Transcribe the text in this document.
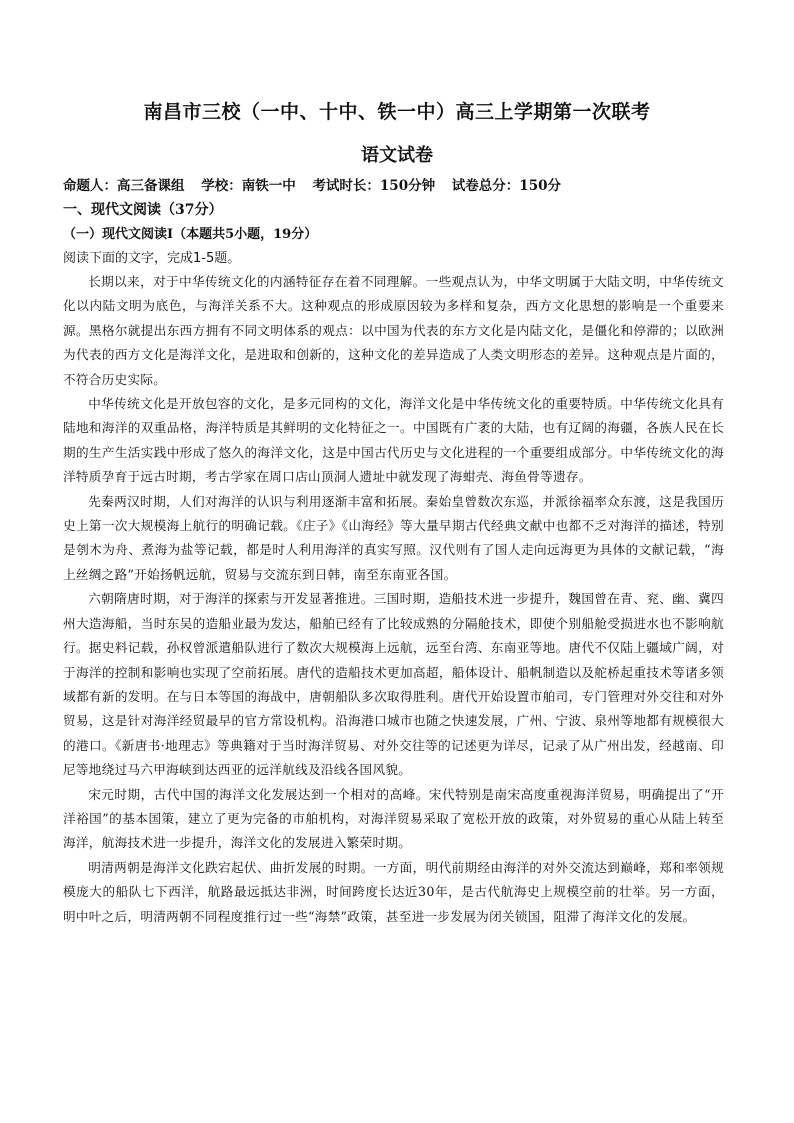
南昌市三校（一中、十中、铁一中）高三上学期第一次联考
语文试卷
命题人：高三备课组 学校：南铁一中 考试时长：150分钟 试卷总分：150分
一、现代文阅读（37分）
（一）现代文阅读Ⅰ（本题共5小题，19分）
阅读下面的文字，完成1-5题。

长期以来，对于中华传统文化的内涵特征存在着不同理解。一些观点认为，中华文明属于大陆文明，中华传统文化以内陆文明为底色，与海洋关系不大。这种观点的形成原因较为多样和复杂，西方文化思想的影响是一个重要来源。黑格尔就提出东西方拥有不同文明体系的观点：以中国为代表的东方文化是内陆文化，是僵化和停滞的；以欧洲为代表的西方文化是海洋文化，是进取和创新的，这种文化的差异造成了人类文明形态的差异。这种观点是片面的，不符合历史实际。

中华传统文化是开放包容的文化，是多元同构的文化，海洋文化是中华传统文化的重要特质。中华传统文化具有陆地和海洋的双重品格，海洋特质是其鲜明的文化特征之一。中国既有广袤的大陆，也有辽阔的海疆，各族人民在长期的生产生活实践中形成了悠久的海洋文化，这是中国古代历史与文化进程的一个重要组成部分。中华传统文化的海洋特质孕育于远古时期，考古学家在周口店山顶洞人遗址中就发现了海蚶壳、海鱼骨等遗存。

先秦两汉时期，人们对海洋的认识与利用逐渐丰富和拓展。秦始皇曾数次东巡，并派徐福率众东渡，这是我国历史上第一次大规模海上航行的明确记载。《庄子》《山海经》等大量早期古代经典文献中也都不乏对海洋的描述，特别是刳木为舟、煮海为盐等记载，都是时人利用海洋的真实写照。汉代则有了国人走向远海更为具体的文献记载，“海上丝绸之路”开始扬帆远航，贸易与交流东到日韩，南至东南亚各国。

六朝隋唐时期，对于海洋的探索与开发显著推进。三国时期，造船技术进一步提升，魏国曾在青、兖、幽、冀四州大造海船，当时东吴的造船业最为发达，船舶已经有了比较成熟的分隔舱技术，即使个别船舱受损进水也不影响航行。据史料记载，孙权曾派遣船队进行了数次大规模海上远航，远至台湾、东南亚等地。唐代不仅陆上疆域广阔，对于海洋的控制和影响也实现了空前拓展。唐代的造船技术更加高超，船体设计、船帆制造以及舵桥起重技术等诸多领域都有新的发明。在与日本等国的海战中，唐朝船队多次取得胜利。唐代开始设置市舶司，专门管理对外交往和对外贸易，这是针对海洋经贸最早的官方常设机构。沿海港口城市也随之快速发展，广州、宁波、泉州等地都有规模很大的港口。《新唐书·地理志》等典籍对于当时海洋贸易、对外交往等的记述更为详尽，记录了从广州出发，经越南、印尼等地绕过马六甲海峡到达西亚的远洋航线及沿线各国风貌。

宋元时期，古代中国的海洋文化发展达到一个相对的高峰。宋代特别是南宋高度重视海洋贸易，明确提出了“开洋裕国”的基本国策，建立了更为完备的市舶机构，对海洋贸易采取了宽松开放的政策，对外贸易的重心从陆上转至海洋，航海技术进一步提升，海洋文化的发展进入繁荣时期。

明清两朝是海洋文化跌宕起伏、曲折发展的时期。一方面，明代前期经由海洋的对外交流达到巅峰，郑和率领规模庞大的船队七下西洋，航路最远抵达非洲，时间跨度长达近30年，是古代航海史上规模空前的壮举。另一方面，明中叶之后，明清两朝不同程度推行过一些“海禁”政策，甚至进一步发展为闭关锁国，阻滞了海洋文化的发展。
